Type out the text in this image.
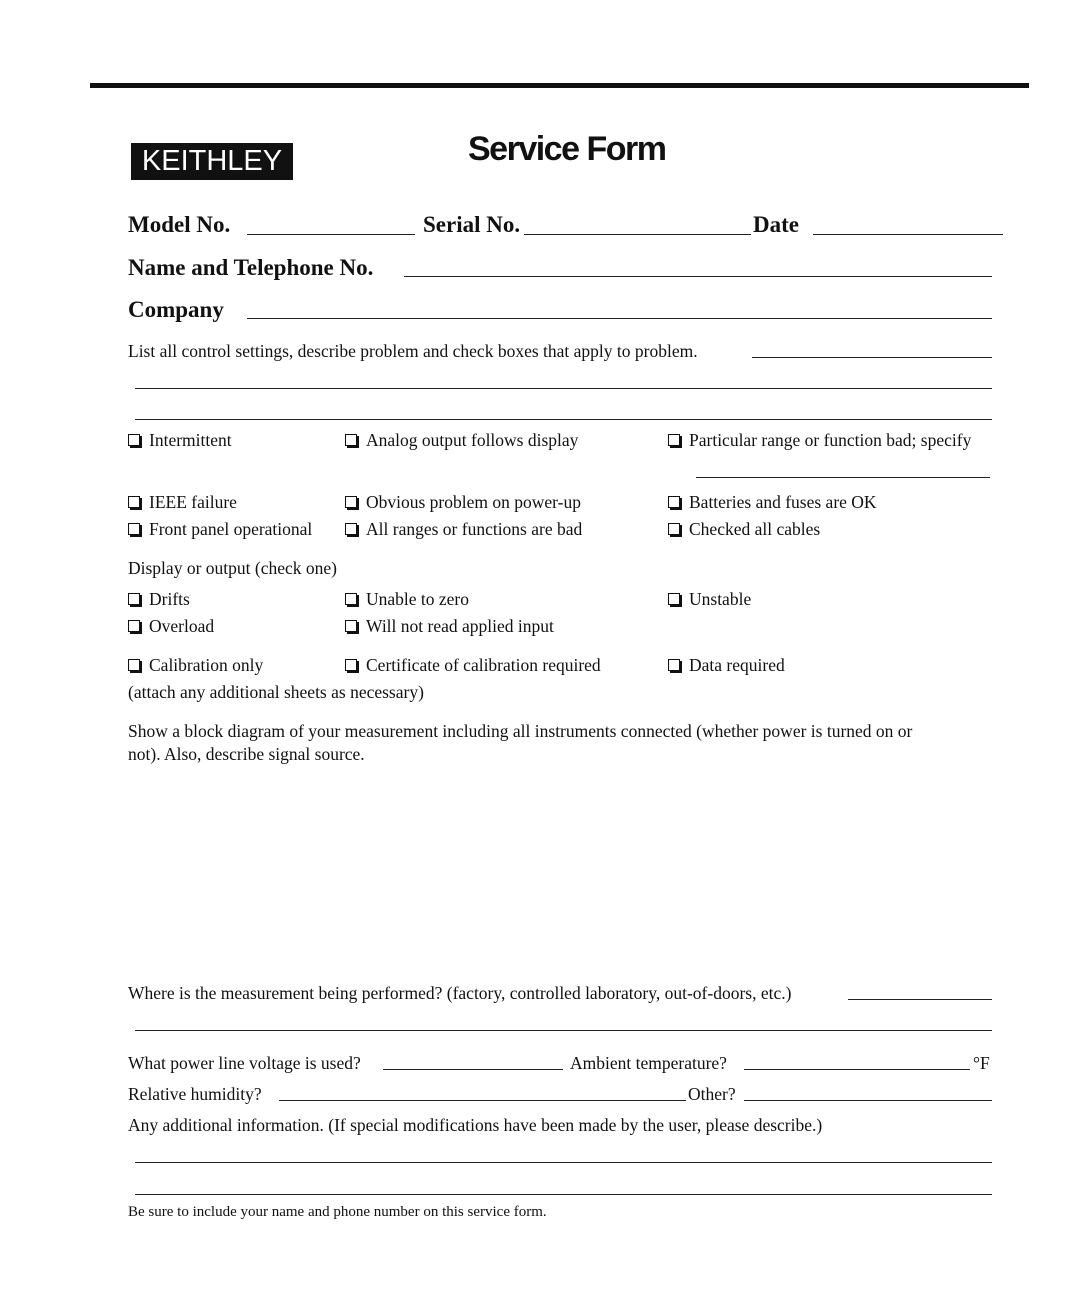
KEITHLEY	Service Form
Model No.	Serial No.	Date
Name and Telephone No.
Company
List all control settings, describe problem and check boxes that apply to problem.
Intermittent	Analog output follows display	Particular range or function bad; specify
IEEE failure	Obvious problem on power-up	Batteries and fuses are OK
Front panel operational	All ranges or functions are bad	Checked all cables
Display or output (check one)
Drifts	Unable to zero	Unstable
Overload	Will not read applied input
Calibration only	Certificate of calibration required	Data required
(attach any additional sheets as necessary)
Show a block diagram of your measurement including all instruments connected (whether power is turned on or
not). Also, describe signal source.
Where is the measurement being performed? (factory, controlled laboratory, out-of-doors, etc.)
What power line voltage is used?	Ambient temperature?	°F
Relative humidity?	Other?
Any additional information. (If special modifications have been made by the user, please describe.)
Be sure to include your name and phone number on this service form.
